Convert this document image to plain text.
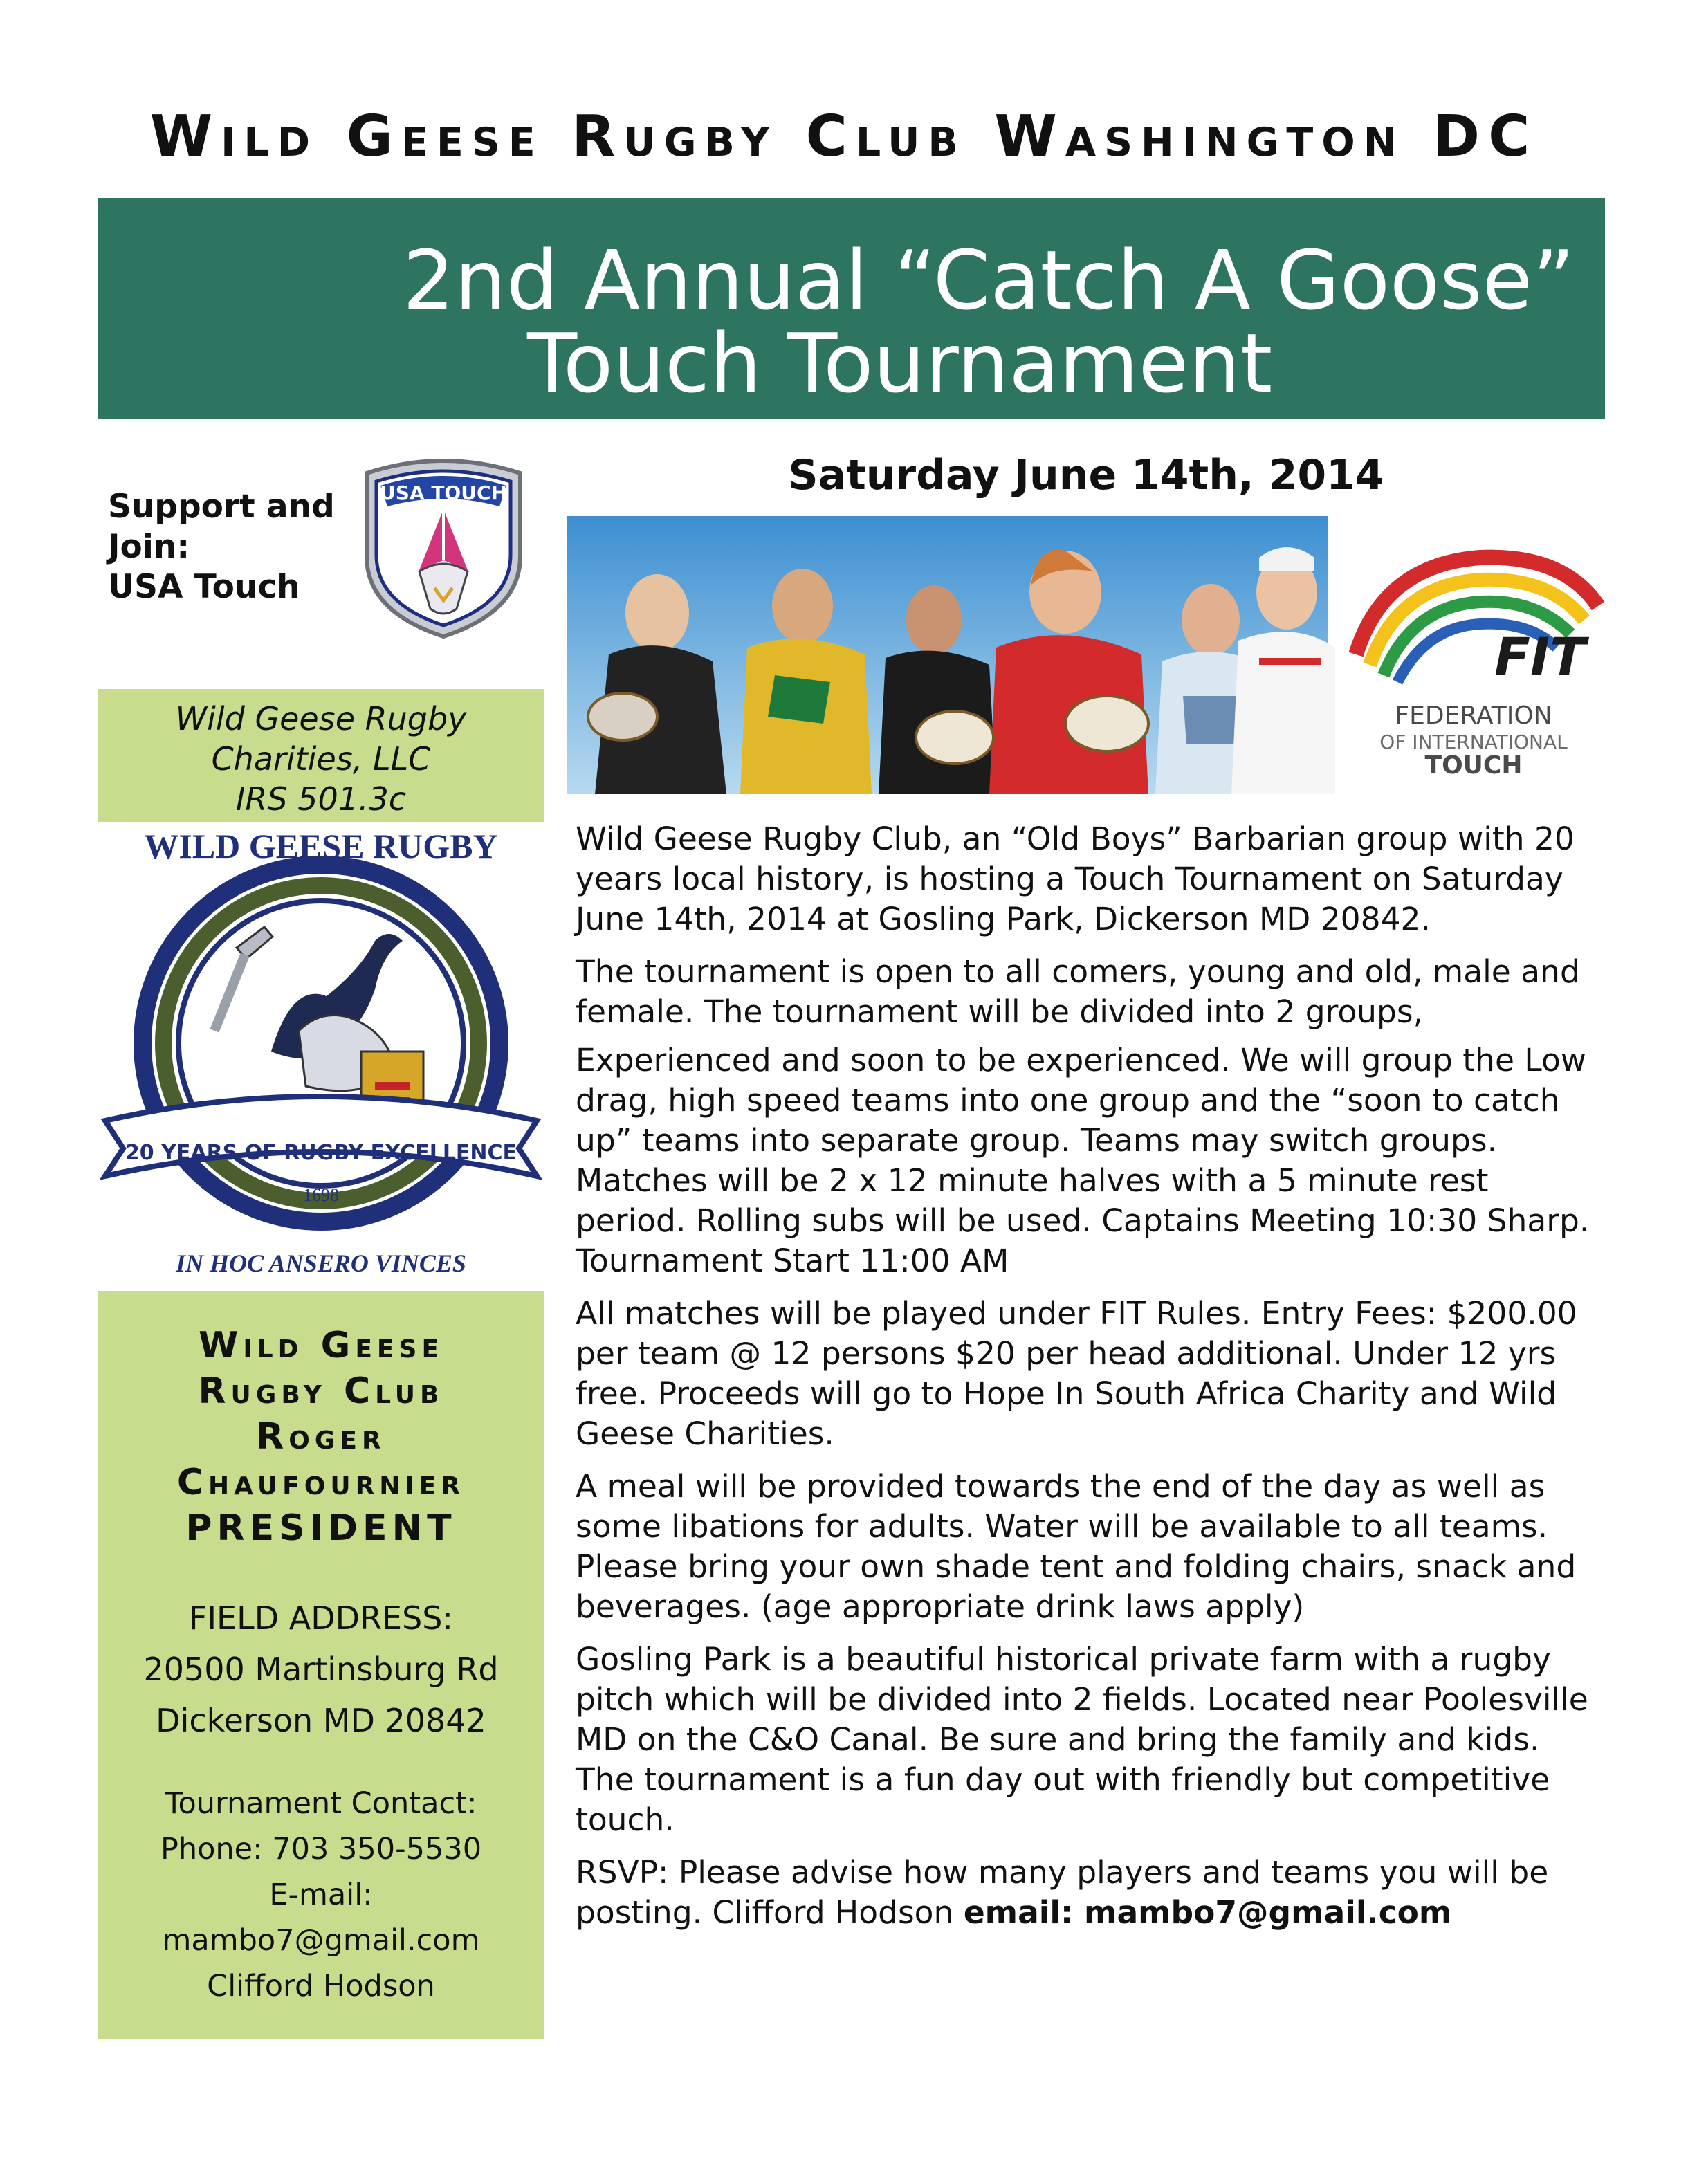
Wild Geese Rugby Club Washington DC
2nd Annual “Catch A Goose”
Touch Tournament
Support and
Join:
USA Touch
USA TOUCH
Wild Geese Rugby
Charities, LLC
IRS 501.3c
WILD GEESE RUGBY
20 YEARS OF RUGBY EXCELLENCE
1698
IN HOC ANSERO VINCES
Wild Geese
Rugby Club
Roger
Chaufournier
PRESIDENT
FIELD ADDRESS:
20500 Martinsburg Rd
Dickerson MD 20842
Tournament Contact:
Phone: 703 350-5530
E-mail:
mambo7@gmail.com
Clifford Hodson
Saturday June 14th, 2014
FIT
FEDERATION
OF INTERNATIONAL
TOUCH

Wild Geese Rugby Club, an “Old Boys” Barbarian group with 20 years local history, is hosting a Touch Tournament on Saturday June 14th, 2014 at Gosling Park, Dickerson MD 20842.

The tournament is open to all comers, young and old, male and female. The tournament will be divided into 2 groups,

Experienced and soon to be experienced. We will group the Low drag, high speed teams into one group and the “soon to catch up” teams into separate group. Teams may switch groups. Matches will be 2 x 12 minute halves with a 5 minute rest period. Rolling subs will be used. Captains Meeting 10:30 Sharp. Tournament Start 11:00 AM

All matches will be played under FIT Rules. Entry Fees: $200.00 per team @ 12 persons $20 per head additional. Under 12 yrs free. Proceeds will go to Hope In South Africa Charity and Wild Geese Charities.

A meal will be provided towards the end of the day as well as some libations for adults. Water will be available to all teams. Please bring your own shade tent and folding chairs, snack and beverages. (age appropriate drink laws apply)

Gosling Park is a beautiful historical private farm with a rugby pitch which will be divided into 2 fields. Located near Poolesville MD on the C&O Canal. Be sure and bring the family and kids. The tournament is a fun day out with friendly but competitive touch.

RSVP: Please advise how many players and teams you will be posting. Clifford Hodson email: mambo7@gmail.com
